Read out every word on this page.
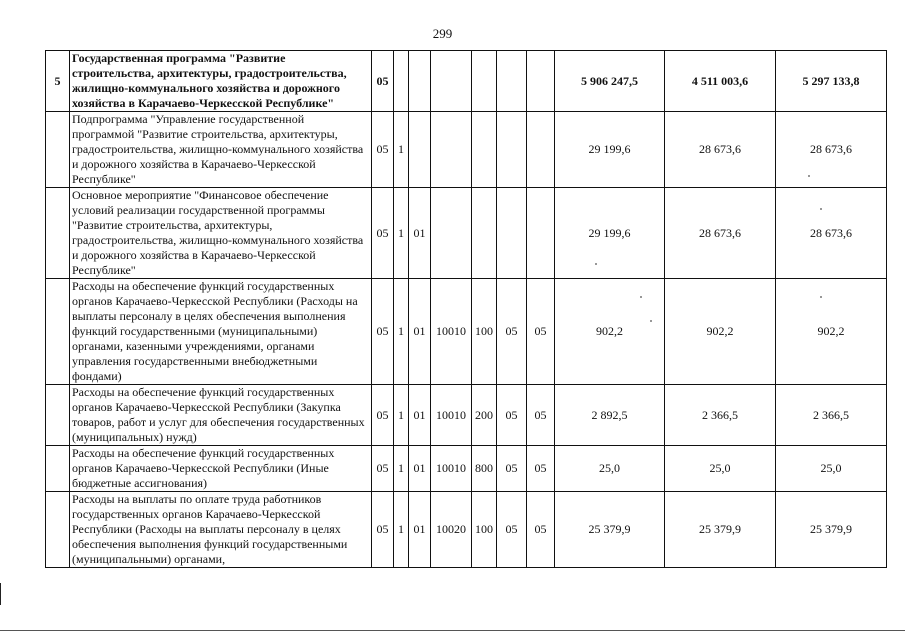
299
5	Государственная программа "Развитие строительства, архитектуры, градостроительства, жилищно-коммунального хозяйства и дорожного хозяйства в Карачаево-Черкесской Республике"	05							5 906 247,5	4 511 003,6	5 297 133,8
	Подпрограмма "Управление государственной программой "Развитие строительства, архитектуры, градостроительства, жилищно-коммунального хозяйства и дорожного хозяйства в Карачаево-Черкесской Республике"	05	1						29 199,6	28 673,6	28 673,6
	Основное мероприятие "Финансовое обеспечение условий реализации государственной программы "Развитие строительства, архитектуры, градостроительства, жилищно-коммунального хозяйства и дорожного хозяйства в Карачаево-Черкесской Республике"	05	1	01					29 199,6	28 673,6	28 673,6
	Расходы на обеспечение функций государственных органов Карачаево-Черкесской Республики (Расходы на выплаты персоналу в целях обеспечения выполнения функций государственными (муниципальными) органами, казенными учреждениями, органами управления государственными внебюджетными фондами)	05	1	01	10010	100	05	05	902,2	902,2	902,2
	Расходы на обеспечение функций государственных органов Карачаево-Черкесской Республики (Закупка товаров, работ и услуг для обеспечения государственных (муниципальных) нужд)	05	1	01	10010	200	05	05	2 892,5	2 366,5	2 366,5
	Расходы на обеспечение функций государственных органов Карачаево-Черкесской Республики (Иные бюджетные ассигнования)	05	1	01	10010	800	05	05	25,0	25,0	25,0
	Расходы на выплаты по оплате труда работников государственных органов Карачаево-Черкесской Республики (Расходы на выплаты персоналу в целях обеспечения выполнения функций государственными (муниципальными) органами,	05	1	01	10020	100	05	05	25 379,9	25 379,9	25 379,9
